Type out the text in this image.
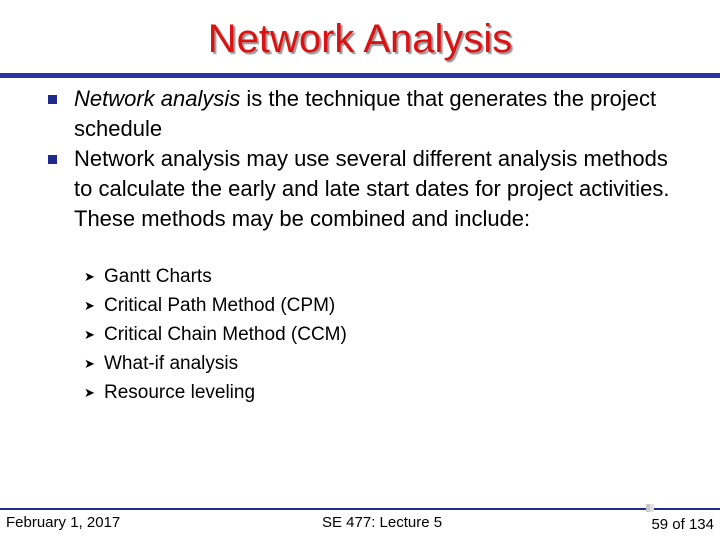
Network Analysis
Network analysis is the technique that generates the project schedule
Network analysis may use several different analysis methods to calculate the early and late start dates for project activities. These methods may be combined and include:
➤ Gantt Charts
➤ Critical Path Method (CPM)
➤ Critical Chain Method (CCM)
➤ What-if analysis
➤ Resource leveling
February 1, 2017	SE 477: Lecture 5	59 of 134
